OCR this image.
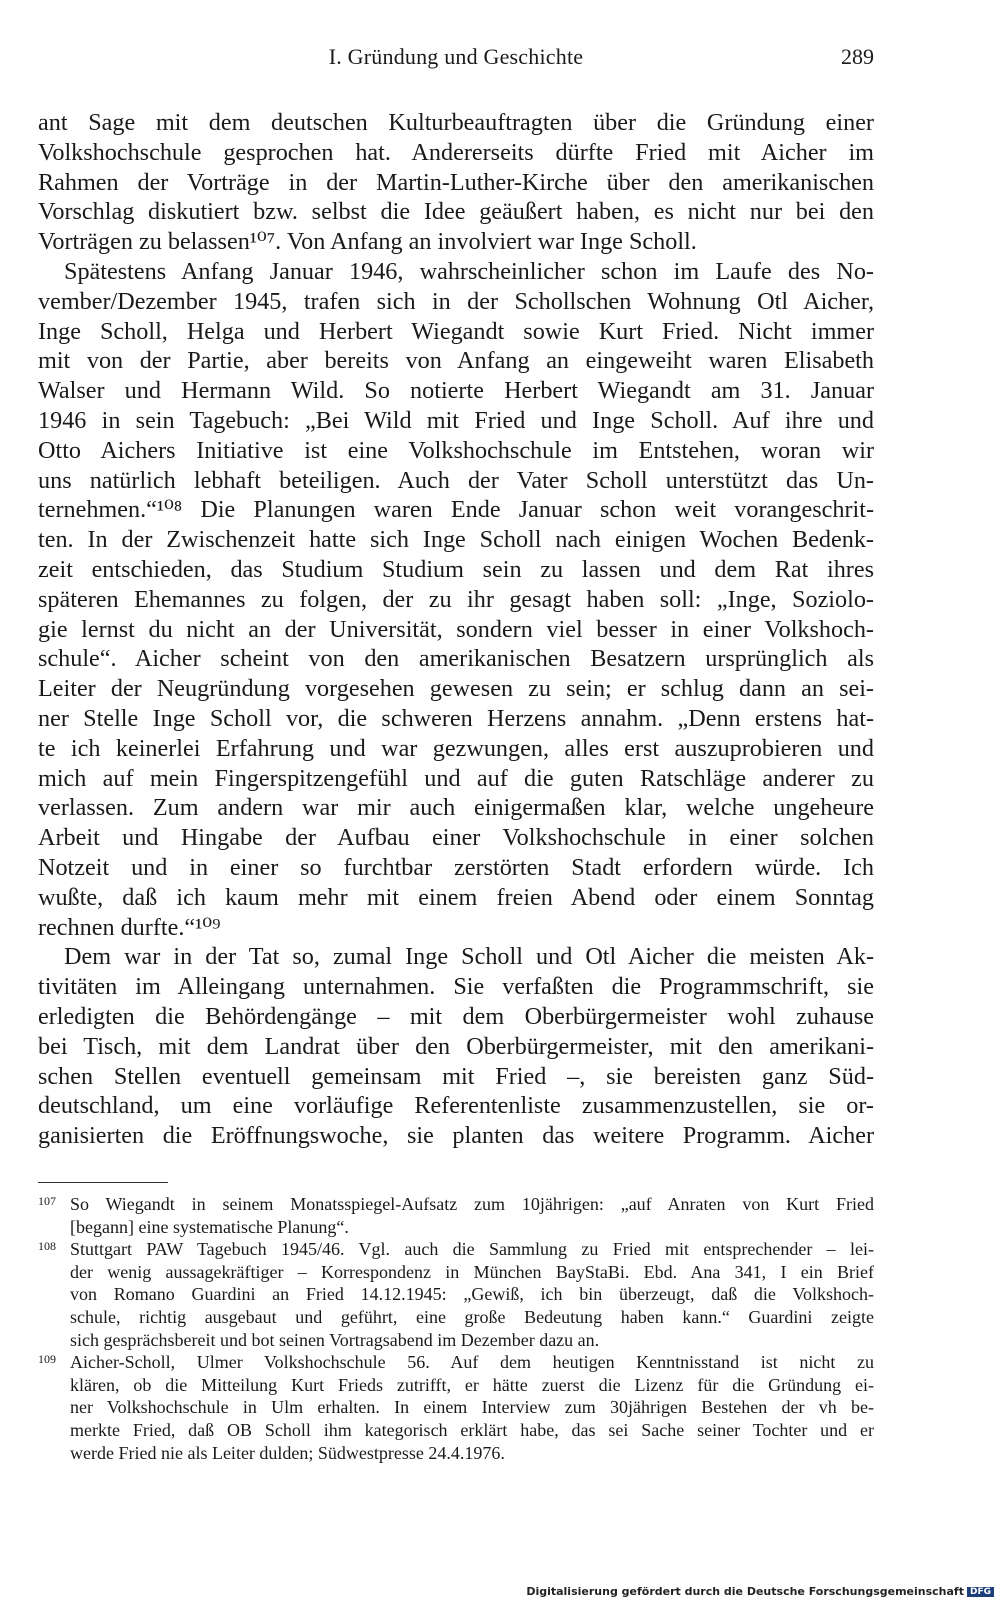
I. Gründung und Geschichte	289
ant Sage mit dem deutschen Kulturbeauftragten über die Gründung einer
Volkshochschule gesprochen hat. Andererseits dürfte Fried mit Aicher im
Rahmen der Vorträge in der Martin-Luther-Kirche über den amerikanischen
Vorschlag diskutiert bzw. selbst die Idee geäußert haben, es nicht nur bei den
Vorträgen zu belassen¹⁰⁷. Von Anfang an involviert war Inge Scholl.
Spätestens Anfang Januar 1946, wahrscheinlicher schon im Laufe des No-
vember/Dezember 1945, trafen sich in der Schollschen Wohnung Otl Aicher,
Inge Scholl, Helga und Herbert Wiegandt sowie Kurt Fried. Nicht immer
mit von der Partie, aber bereits von Anfang an eingeweiht waren Elisabeth
Walser und Hermann Wild. So notierte Herbert Wiegandt am 31. Januar
1946 in sein Tagebuch: „Bei Wild mit Fried und Inge Scholl. Auf ihre und
Otto Aichers Initiative ist eine Volkshochschule im Entstehen, woran wir
uns natürlich lebhaft beteiligen. Auch der Vater Scholl unterstützt das Un-
ternehmen.“¹⁰⁸ Die Planungen waren Ende Januar schon weit vorangeschrit-
ten. In der Zwischenzeit hatte sich Inge Scholl nach einigen Wochen Bedenk-
zeit entschieden, das Studium Studium sein zu lassen und dem Rat ihres
späteren Ehemannes zu folgen, der zu ihr gesagt haben soll: „Inge, Soziolo-
gie lernst du nicht an der Universität, sondern viel besser in einer Volkshoch-
schule“. Aicher scheint von den amerikanischen Besatzern ursprünglich als
Leiter der Neugründung vorgesehen gewesen zu sein; er schlug dann an sei-
ner Stelle Inge Scholl vor, die schweren Herzens annahm. „Denn erstens hat-
te ich keinerlei Erfahrung und war gezwungen, alles erst auszuprobieren und
mich auf mein Fingerspitzengefühl und auf die guten Ratschläge anderer zu
verlassen. Zum andern war mir auch einigermaßen klar, welche ungeheure
Arbeit und Hingabe der Aufbau einer Volkshochschule in einer solchen
Notzeit und in einer so furchtbar zerstörten Stadt erfordern würde. Ich
wußte, daß ich kaum mehr mit einem freien Abend oder einem Sonntag
rechnen durfte.“¹⁰⁹
Dem war in der Tat so, zumal Inge Scholl und Otl Aicher die meisten Ak-
tivitäten im Alleingang unternahmen. Sie verfaßten die Programmschrift, sie
erledigten die Behördengänge – mit dem Oberbürgermeister wohl zuhause
bei Tisch, mit dem Landrat über den Oberbürgermeister, mit den amerikani-
schen Stellen eventuell gemeinsam mit Fried –, sie bereisten ganz Süd-
deutschland, um eine vorläufige Referentenliste zusammenzustellen, sie or-
ganisierten die Eröffnungswoche, sie planten das weitere Programm. Aicher
107 So Wiegandt in seinem Monatsspiegel-Aufsatz zum 10jährigen: „auf Anraten von Kurt Fried
[begann] eine systematische Planung“.
108 Stuttgart PAW Tagebuch 1945/46. Vgl. auch die Sammlung zu Fried mit entsprechender – lei-
der wenig aussagekräftiger – Korrespondenz in München BayStaBi. Ebd. Ana 341, I ein Brief
von Romano Guardini an Fried 14.12.1945: „Gewiß, ich bin überzeugt, daß die Volkshoch-
schule, richtig ausgebaut und geführt, eine große Bedeutung haben kann.“ Guardini zeigte
sich gesprächsbereit und bot seinen Vortragsabend im Dezember dazu an.
109 Aicher-Scholl, Ulmer Volkshochschule 56. Auf dem heutigen Kenntnisstand ist nicht zu
klären, ob die Mitteilung Kurt Frieds zutrifft, er hätte zuerst die Lizenz für die Gründung ei-
ner Volkshochschule in Ulm erhalten. In einem Interview zum 30jährigen Bestehen der vh be-
merkte Fried, daß OB Scholl ihm kategorisch erklärt habe, das sei Sache seiner Tochter und er
werde Fried nie als Leiter dulden; Südwestpresse 24.4.1976.
Digitalisierung gefördert durch die Deutsche Forschungsgemeinschaft DFG
